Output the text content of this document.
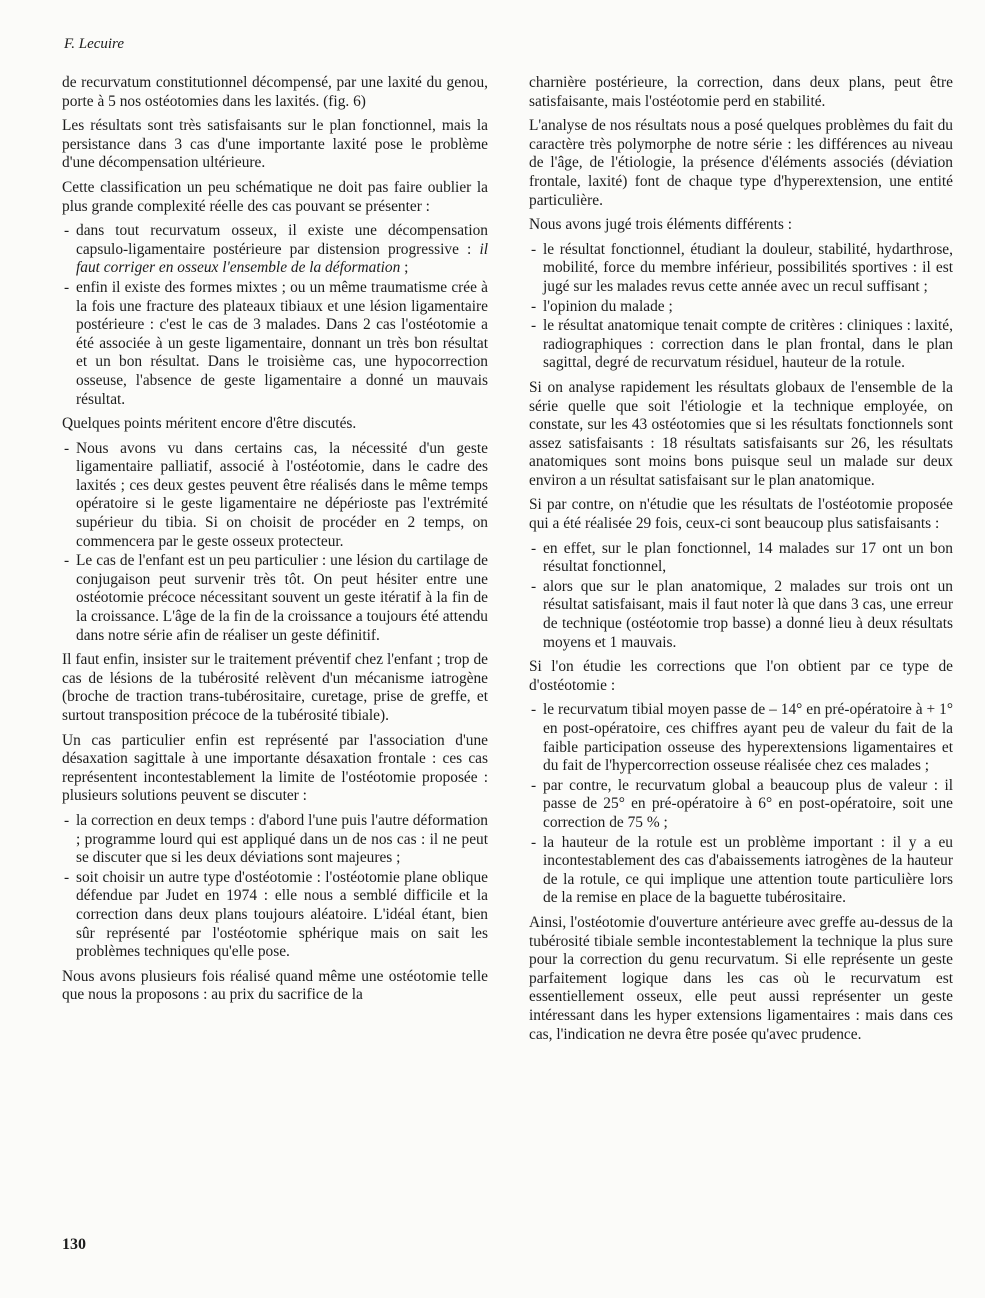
F. Lecuire

de recurvatum constitutionnel décompensé, par une laxité du genou, porte à 5 nos ostéotomies dans les laxités. (fig. 6)

Les résultats sont très satisfaisants sur le plan fonctionnel, mais la persistance dans 3 cas d'une importante laxité pose le problème d'une décompensation ultérieure.

Cette classification un peu schématique ne doit pas faire oublier la plus grande complexité réelle des cas pouvant se présenter :

- dans tout recurvatum osseux, il existe une décompensation capsulo-ligamentaire postérieure par distension progressive : il faut corriger en osseux l'ensemble de la déformation ;
- enfin il existe des formes mixtes ; ou un même traumatisme crée à la fois une fracture des plateaux tibiaux et une lésion ligamentaire postérieure : c'est le cas de 3 malades. Dans 2 cas l'ostéotomie a été associée à un geste ligamentaire, donnant un très bon résultat et un bon résultat. Dans le troisième cas, une hypocorrection osseuse, l'absence de geste ligamentaire a donné un mauvais résultat.

Quelques points méritent encore d'être discutés.

- Nous avons vu dans certains cas, la nécessité d'un geste ligamentaire palliatif, associé à l'ostéotomie, dans le cadre des laxités ; ces deux gestes peuvent être réalisés dans le même temps opératoire si le geste ligamentaire ne dépérioste pas l'extrémité supérieur du tibia. Si on choisit de procéder en 2 temps, on commencera par le geste osseux protecteur.
- Le cas de l'enfant est un peu particulier : une lésion du cartilage de conjugaison peut survenir très tôt. On peut hésiter entre une ostéotomie précoce nécessitant souvent un geste itératif à la fin de la croissance. L'âge de la fin de la croissance a toujours été attendu dans notre série afin de réaliser un geste définitif.

Il faut enfin, insister sur le traitement préventif chez l'enfant ; trop de cas de lésions de la tubérosité relèvent d'un mécanisme iatrogène (broche de traction trans-tubérositaire, curetage, prise de greffe, et surtout transposition précoce de la tubérosité tibiale).

Un cas particulier enfin est représenté par l'association d'une désaxation sagittale à une importante désaxation frontale : ces cas représentent incontestablement la limite de l'ostéotomie proposée : plusieurs solutions peuvent se discuter :

- la correction en deux temps : d'abord l'une puis l'autre déformation ; programme lourd qui est appliqué dans un de nos cas : il ne peut se discuter que si les deux déviations sont majeures ;
- soit choisir un autre type d'ostéotomie : l'ostéotomie plane oblique défendue par Judet en 1974 : elle nous a semblé difficile et la correction dans deux plans toujours aléatoire. L'idéal étant, bien sûr représenté par l'ostéotomie sphérique mais on sait les problèmes techniques qu'elle pose.

Nous avons plusieurs fois réalisé quand même une ostéotomie telle que nous la proposons : au prix du sacrifice de la

charnière postérieure, la correction, dans deux plans, peut être satisfaisante, mais l'ostéotomie perd en stabilité.

L'analyse de nos résultats nous a posé quelques problèmes du fait du caractère très polymorphe de notre série : les différences au niveau de l'âge, de l'étiologie, la présence d'éléments associés (déviation frontale, laxité) font de chaque type d'hyperextension, une entité particulière.

Nous avons jugé trois éléments différents :

- le résultat fonctionnel, étudiant la douleur, stabilité, hydarthrose, mobilité, force du membre inférieur, possibilités sportives : il est jugé sur les malades revus cette année avec un recul suffisant ;
- l'opinion du malade ;
- le résultat anatomique tenait compte de critères : cliniques : laxité, radiographiques : correction dans le plan frontal, dans le plan sagittal, degré de recurvatum résiduel, hauteur de la rotule.

Si on analyse rapidement les résultats globaux de l'ensemble de la série quelle que soit l'étiologie et la technique employée, on constate, sur les 43 ostéotomies que si les résultats fonctionnels sont assez satisfaisants : 18 résultats satisfaisants sur 26, les résultats anatomiques sont moins bons puisque seul un malade sur deux environ a un résultat satisfaisant sur le plan anatomique.

Si par contre, on n'étudie que les résultats de l'ostéotomie proposée qui a été réalisée 29 fois, ceux-ci sont beaucoup plus satisfaisants :

- en effet, sur le plan fonctionnel, 14 malades sur 17 ont un bon résultat fonctionnel,
- alors que sur le plan anatomique, 2 malades sur trois ont un résultat satisfaisant, mais il faut noter là que dans 3 cas, une erreur de technique (ostéotomie trop basse) a donné lieu à deux résultats moyens et 1 mauvais.

Si l'on étudie les corrections que l'on obtient par ce type de d'ostéotomie :

- le recurvatum tibial moyen passe de – 14° en pré-opératoire à + 1° en post-opératoire, ces chiffres ayant peu de valeur du fait de la faible participation osseuse des hyperextensions ligamentaires et du fait de l'hypercorrection osseuse réalisée chez ces malades ;
- par contre, le recurvatum global a beaucoup plus de valeur : il passe de 25° en pré-opératoire à 6° en post-opératoire, soit une correction de 75 % ;
- la hauteur de la rotule est un problème important : il y a eu incontestablement des cas d'abaissements iatrogènes de la hauteur de la rotule, ce qui implique une attention toute particulière lors de la remise en place de la baguette tubérositaire.

Ainsi, l'ostéotomie d'ouverture antérieure avec greffe au-dessus de la tubérosité tibiale semble incontestablement la technique la plus sure pour la correction du genu recurvatum. Si elle représente un geste parfaitement logique dans les cas où le recurvatum est essentiellement osseux, elle peut aussi représenter un geste intéressant dans les hyper extensions ligamentaires : mais dans ces cas, l'indication ne devra être posée qu'avec prudence.

130
